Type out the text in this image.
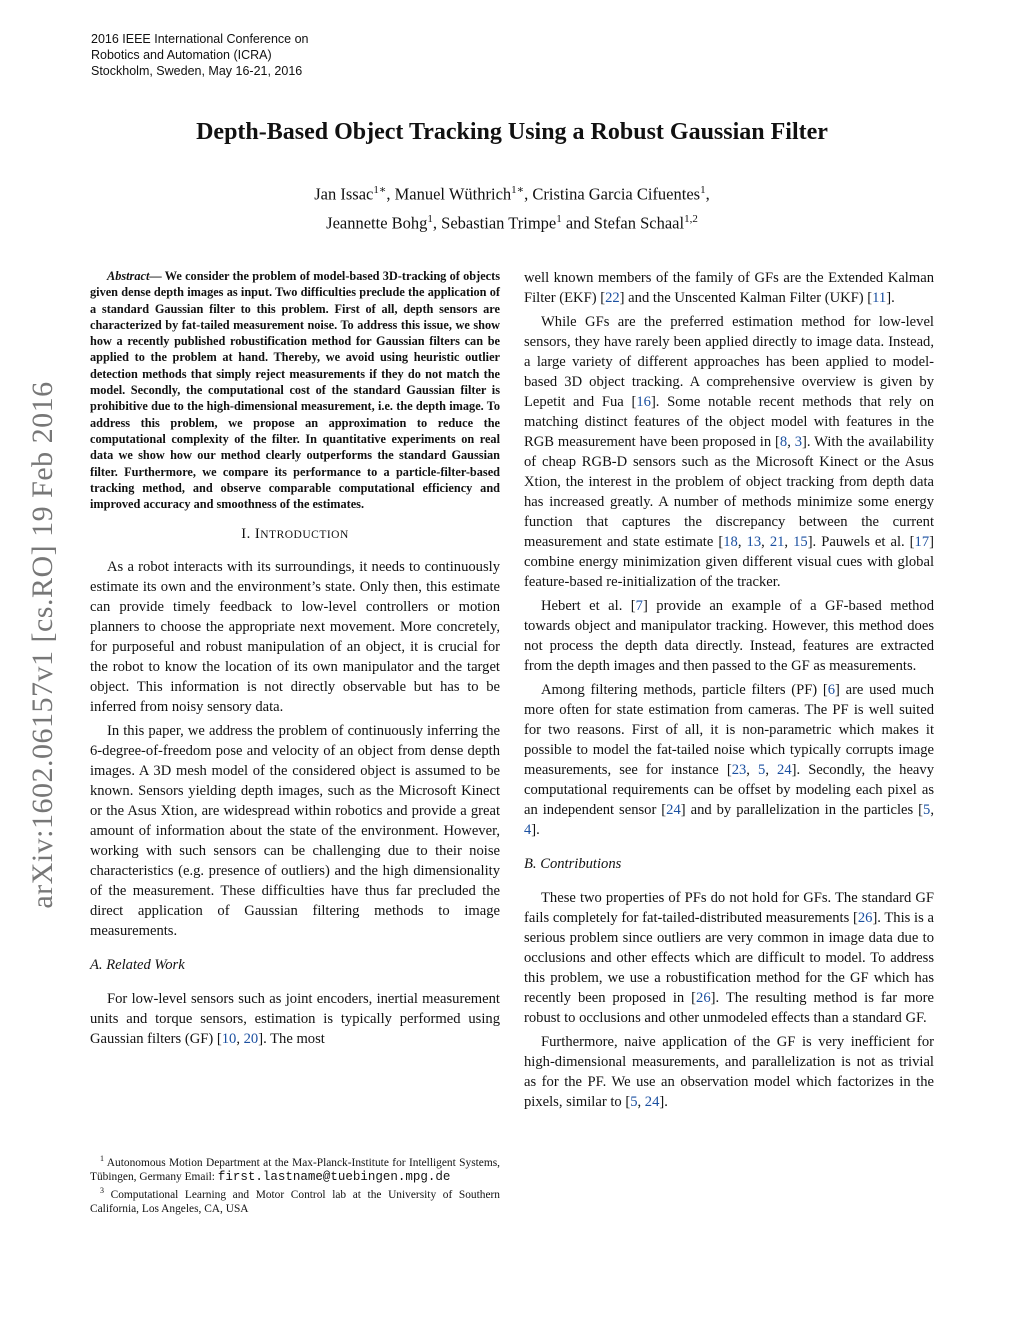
2016 IEEE International Conference on
Robotics and Automation (ICRA)
Stockholm, Sweden, May 16-21, 2016
Depth-Based Object Tracking Using a Robust Gaussian Filter
Jan Issac$^{1∗}$, Manuel Wüthrich$^{1∗}$, Cristina Garcia Cifuentes$^1$,
Jeannette Bohg$^1$, Sebastian Trimpe$^1$ and Stefan Schaal$^{1,2}$
arXiv:1602.06157v1 [cs.RO] 19 Feb 2016

Abstract— We consider the problem of model-based 3D-tracking of objects given dense depth images as input. Two difficulties preclude the application of a standard Gaussian filter to this problem. First of all, depth sensors are characterized by fat-tailed measurement noise. To address this issue, we show how a recently published robustification method for Gaussian filters can be applied to the problem at hand. Thereby, we avoid using heuristic outlier detection methods that simply reject measurements if they do not match the model. Secondly, the computational cost of the standard Gaussian filter is prohibitive due to the high-dimensional measurement, i.e. the depth image. To address this problem, we propose an approximation to reduce the computational complexity of the filter. In quantitative experiments on real data we show how our method clearly outperforms the standard Gaussian filter. Furthermore, we compare its performance to a particle-filter-based tracking method, and observe comparable computational efficiency and improved accuracy and smoothness of the estimates.

I. INTRODUCTION

As a robot interacts with its surroundings, it needs to continuously estimate its own and the environment’s state. Only then, this estimate can provide timely feedback to low-level controllers or motion planners to choose the appropriate next movement. More concretely, for purposeful and robust manipulation of an object, it is crucial for the robot to know the location of its own manipulator and the target object. This information is not directly observable but has to be inferred from noisy sensory data.

In this paper, we address the problem of continuously inferring the 6-degree-of-freedom pose and velocity of an object from dense depth images. A 3D mesh model of the considered object is assumed to be known. Sensors yielding depth images, such as the Microsoft Kinect or the Asus Xtion, are widespread within robotics and provide a great amount of information about the state of the environment. However, working with such sensors can be challenging due to their noise characteristics (e.g. presence of outliers) and the high dimensionality of the measurement. These difficulties have thus far precluded the direct application of Gaussian filtering methods to image measurements.

A. Related Work

For low-level sensors such as joint encoders, inertial measurement units and torque sensors, estimation is typically performed using Gaussian filters (GF) [10, 20]. The most

$^1$ Autonomous Motion Department at the Max-Planck-Institute for Intelligent Systems, Tübingen, Germany Email: first.lastname@tuebingen.mpg.de

$^3$ Computational Learning and Motor Control lab at the University of Southern California, Los Angeles, CA, USA

well known members of the family of GFs are the Extended Kalman Filter (EKF) [22] and the Unscented Kalman Filter (UKF) [11].

While GFs are the preferred estimation method for low-level sensors, they have rarely been applied directly to image data. Instead, a large variety of different approaches has been applied to model-based 3D object tracking. A comprehensive overview is given by Lepetit and Fua [16]. Some notable recent methods that rely on matching distinct features of the object model with features in the RGB measurement have been proposed in [8, 3]. With the availability of cheap RGB-D sensors such as the Microsoft Kinect or the Asus Xtion, the interest in the problem of object tracking from depth data has increased greatly. A number of methods minimize some energy function that captures the discrepancy between the current measurement and state estimate [18, 13, 21, 15]. Pauwels et al. [17] combine energy minimization given different visual cues with global feature-based re-initialization of the tracker.

Hebert et al. [7] provide an example of a GF-based method towards object and manipulator tracking. However, this method does not process the depth data directly. Instead, features are extracted from the depth images and then passed to the GF as measurements.

Among filtering methods, particle filters (PF) [6] are used much more often for state estimation from cameras. The PF is well suited for two reasons. First of all, it is non-parametric which makes it possible to model the fat-tailed noise which typically corrupts image measurements, see for instance [23, 5, 24]. Secondly, the heavy computational requirements can be offset by modeling each pixel as an independent sensor [24] and by parallelization in the particles [5, 4].

B. Contributions

These two properties of PFs do not hold for GFs. The standard GF fails completely for fat-tailed-distributed measurements [26]. This is a serious problem since outliers are very common in image data due to occlusions and other effects which are difficult to model. To address this problem, we use a robustification method for the GF which has recently been proposed in [26]. The resulting method is far more robust to occlusions and other unmodeled effects than a standard GF.

Furthermore, naive application of the GF is very inefficient for high-dimensional measurements, and parallelization is not as trivial as for the PF. We use an observation model which factorizes in the pixels, similar to [5, 24].
